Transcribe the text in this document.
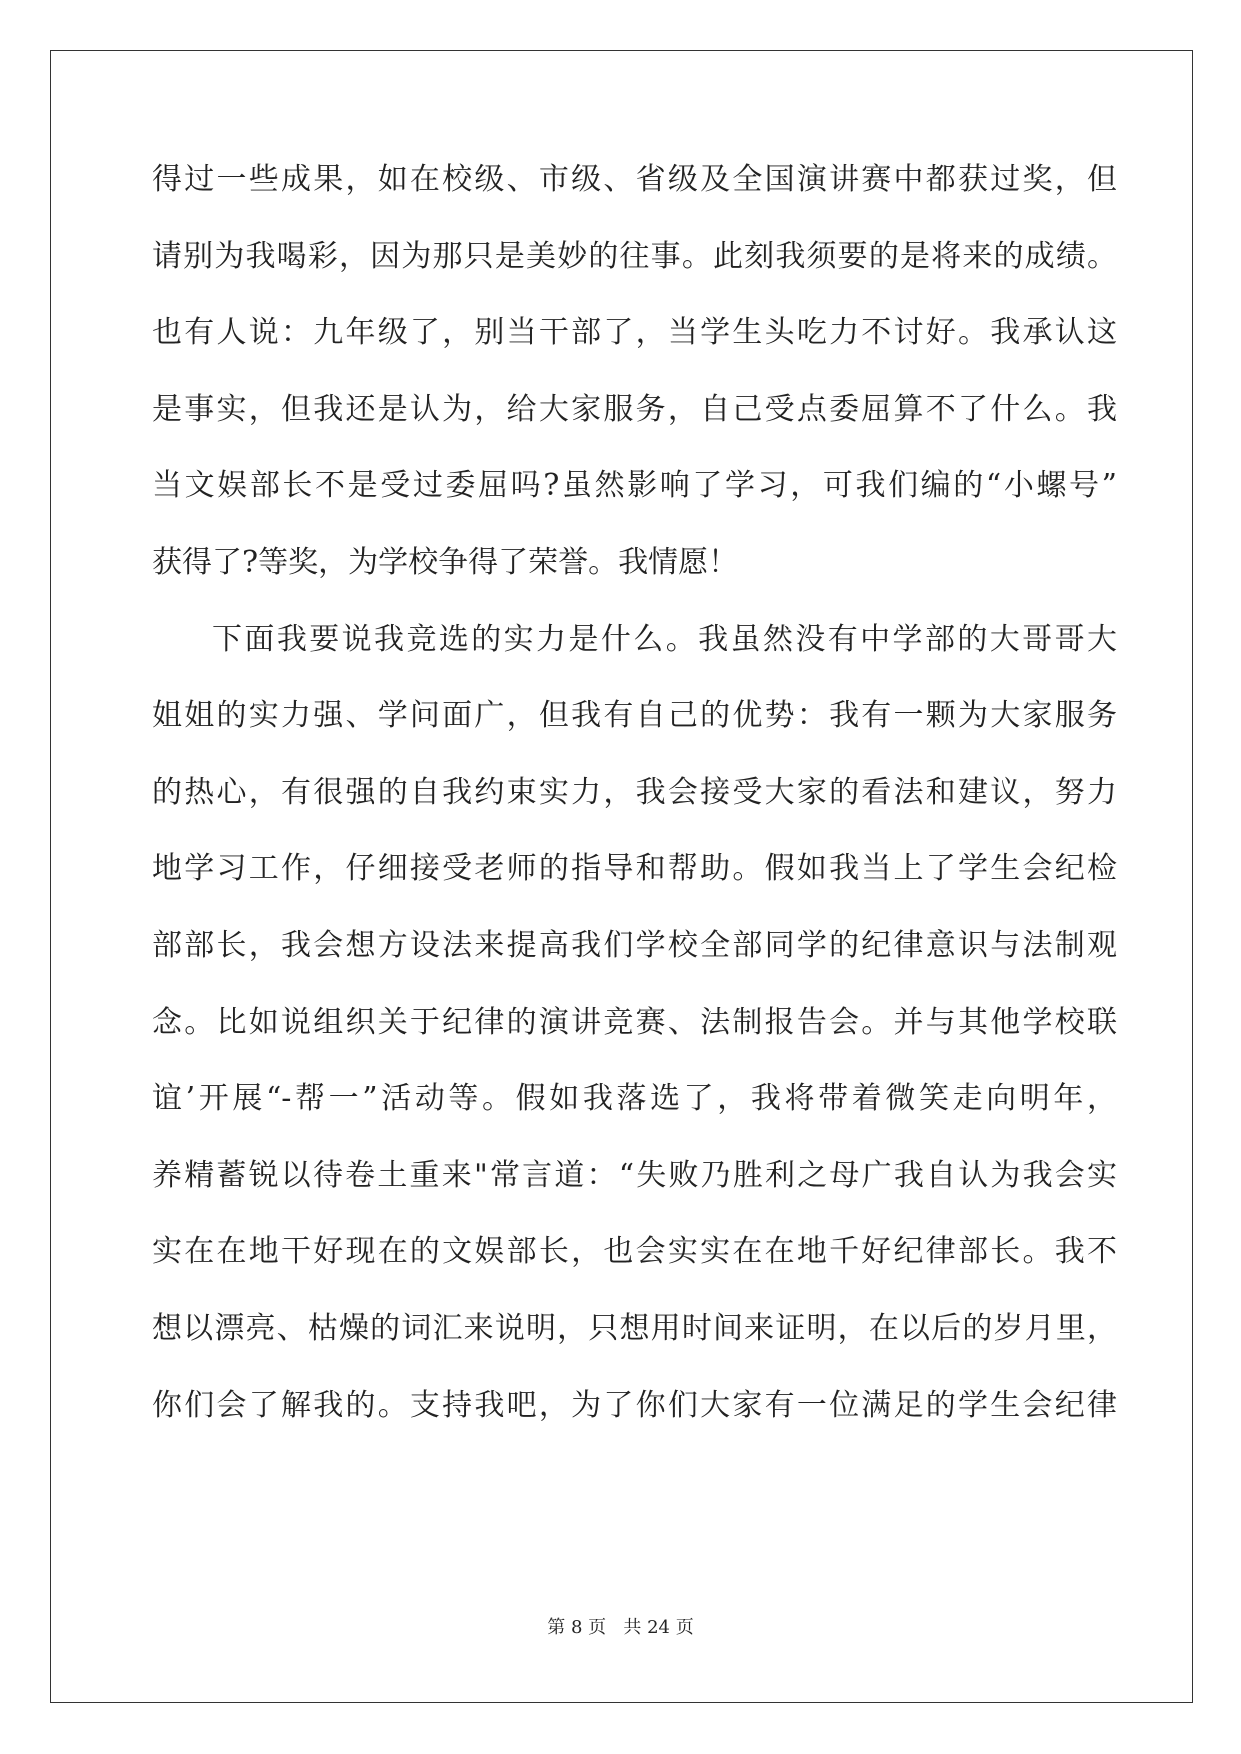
得过一些成果，如在校级、市级、省级及全国演讲赛中都获过奖，但
请别为我喝彩，因为那只是美妙的往事。此刻我须要的是将来的成绩。
也有人说：九年级了，别当干部了，当学生头吃力不讨好。我承认这
是事实，但我还是认为，给大家服务，自己受点委屈算不了什么。我
当文娱部长不是受过委屈吗?虽然影响了学习，可我们编的“小螺号”
获得了?等奖，为学校争得了荣誉。我情愿！
下面我要说我竞选的实力是什么。我虽然没有中学部的大哥哥大
姐姐的实力强、学问面广，但我有自己的优势：我有一颗为大家服务
的热心，有很强的自我约束实力，我会接受大家的看法和建议，努力
地学习工作，仔细接受老师的指导和帮助。假如我当上了学生会纪检
部部长，我会想方设法来提高我们学校全部同学的纪律意识与法制观
念。比如说组织关于纪律的演讲竞赛、法制报告会。并与其他学校联
谊’开展“-帮一”活动等。假如我落选了，我将带着微笑走向明年，
养精蓄锐以待卷土重来"常言道：“失败乃胜利之母广我自认为我会实
实在在地干好现在的文娱部长，也会实实在在地千好纪律部长。我不
想以漂亮、枯燥的词汇来说明，只想用时间来证明，在以后的岁月里，
你们会了解我的。支持我吧，为了你们大家有一位满足的学生会纪律
第 8 页 共 24 页
